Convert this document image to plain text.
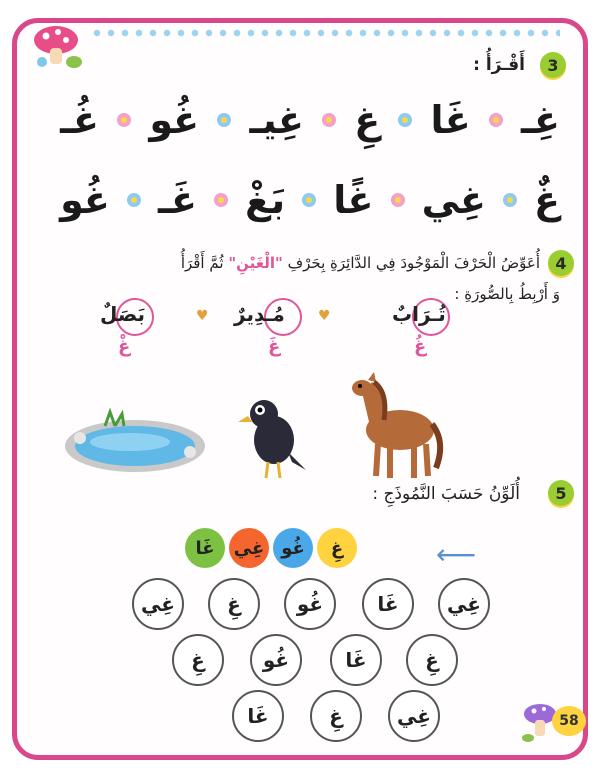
3
أَقْـرَأُ :
غُـ غُو غِيـ غِ غَا غِـ
غُو غَـ بَغْ غًا غِي غٌ
4
أُعَوِّضُ الْحَرْفَ الْمَوْجُودَ فِي الدَّائِرَةِ بِحَرْفِ "الْغَيْنِ" ثُمَّ أَقْرَأُ
وَ أَرْبِطُ بِالصُّورَةِ :
تُـرَابٌ
غُ
♥
مُـدِيرٌ
غَ
♥
بَصَلٌ
غْ
5
أُلَوِّنُ حَسَبَ النَّمُوذَجِ :
⟵
غَا غِي غُو غِ
غِي
غَا
غُو
غِ
غِي
غِ
غَا
غُو
غِ
غِي
غِ
غَا	58
